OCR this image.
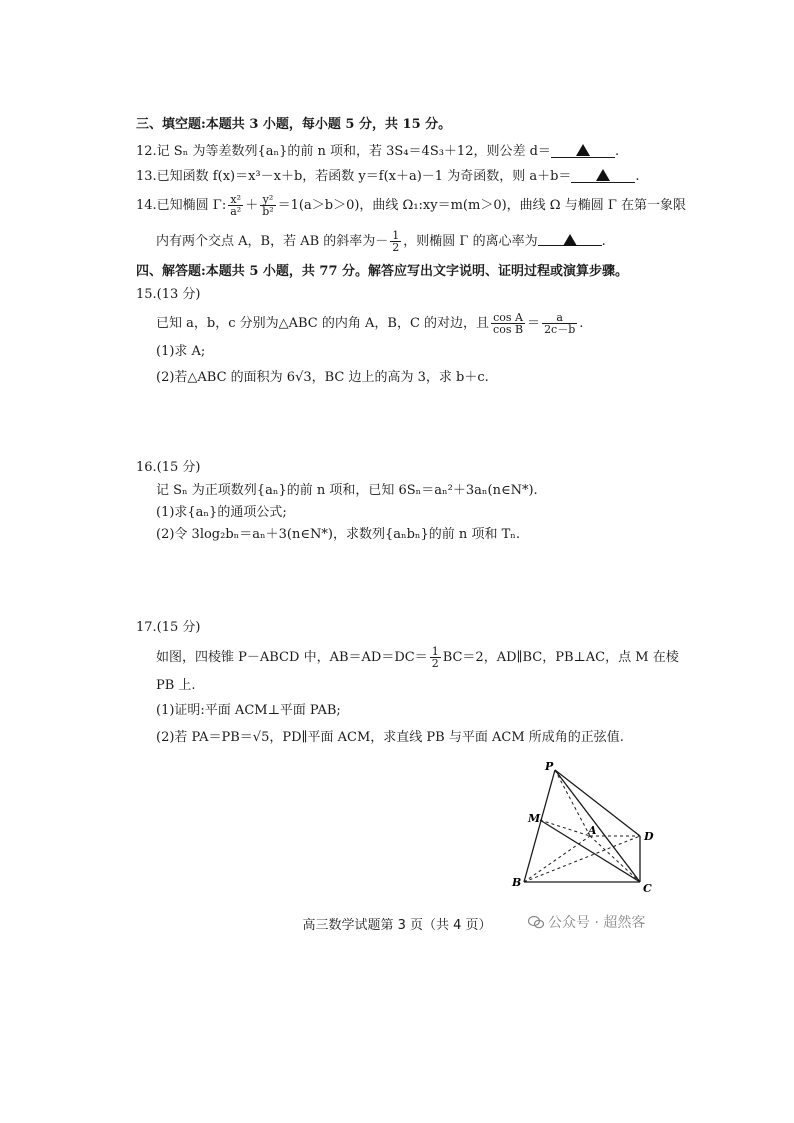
三、填空题:本题共 3 小题，每小题 5 分，共 15 分。
12.记 Sₙ 为等差数列{aₙ}的前 n 项和，若 3S₄＝4S₃＋12，则公差 d＝	.
13.已知函数 f(x)＝x³－x＋b，若函数 y＝f(x＋a)－1 为奇函数，则 a＋b＝	.
14.已知椭圆 Γ: $\frac{\text{x²}}{\text{a²}} + \frac{\text{y²}}{\text{b²}} =1(a>b>0)$，曲线 Ω₁:xy＝m(m＞0)，曲线 Ω 与椭圆 Γ 在第一象限
内有两个交点 A，B，若 AB 的斜率为－ $\frac{1}{2}$ ，则椭圆 Γ 的离心率为	.
四、解答题:本题共 5 小题，共 77 分。解答应写出文字说明、证明过程或演算步骤。
15.(13 分)
已知 a，b，c 分别为△ABC 的内角 A，B，C 的对边，且 $\frac{\text{cos A}}{\text{cos B}} = \frac{a}{2c-b}$ .
(1)求 A;
(2)若△ABC 的面积为 6√3，BC 边上的高为 3，求 b＋c.
16.(15 分)
记 Sₙ 为正项数列{aₙ}的前 n 项和，已知 6Sₙ＝aₙ²＋3aₙ(n∈N*).
(1)求{aₙ}的通项公式;
(2)令 3log₂bₙ＝aₙ＋3(n∈N*)，求数列{aₙbₙ}的前 n 项和 Tₙ.
17.(15 分)
如图，四棱锥 P－ABCD 中，$AB=AD=DC= \frac{1}{2} BC=2$，AD∥BC，PB⊥AC，点 M 在棱
PB 上.
(1)证明:平面 ACM⊥平面 PAB;
(2)若 PA＝PB＝√5，PD∥平面 ACM，求直线 PB 与平面 ACM 所成角的正弦值.
P
M
A	D
B	C
高三数学试题第 3 页（共 4 页）	公众号 · 超然客
